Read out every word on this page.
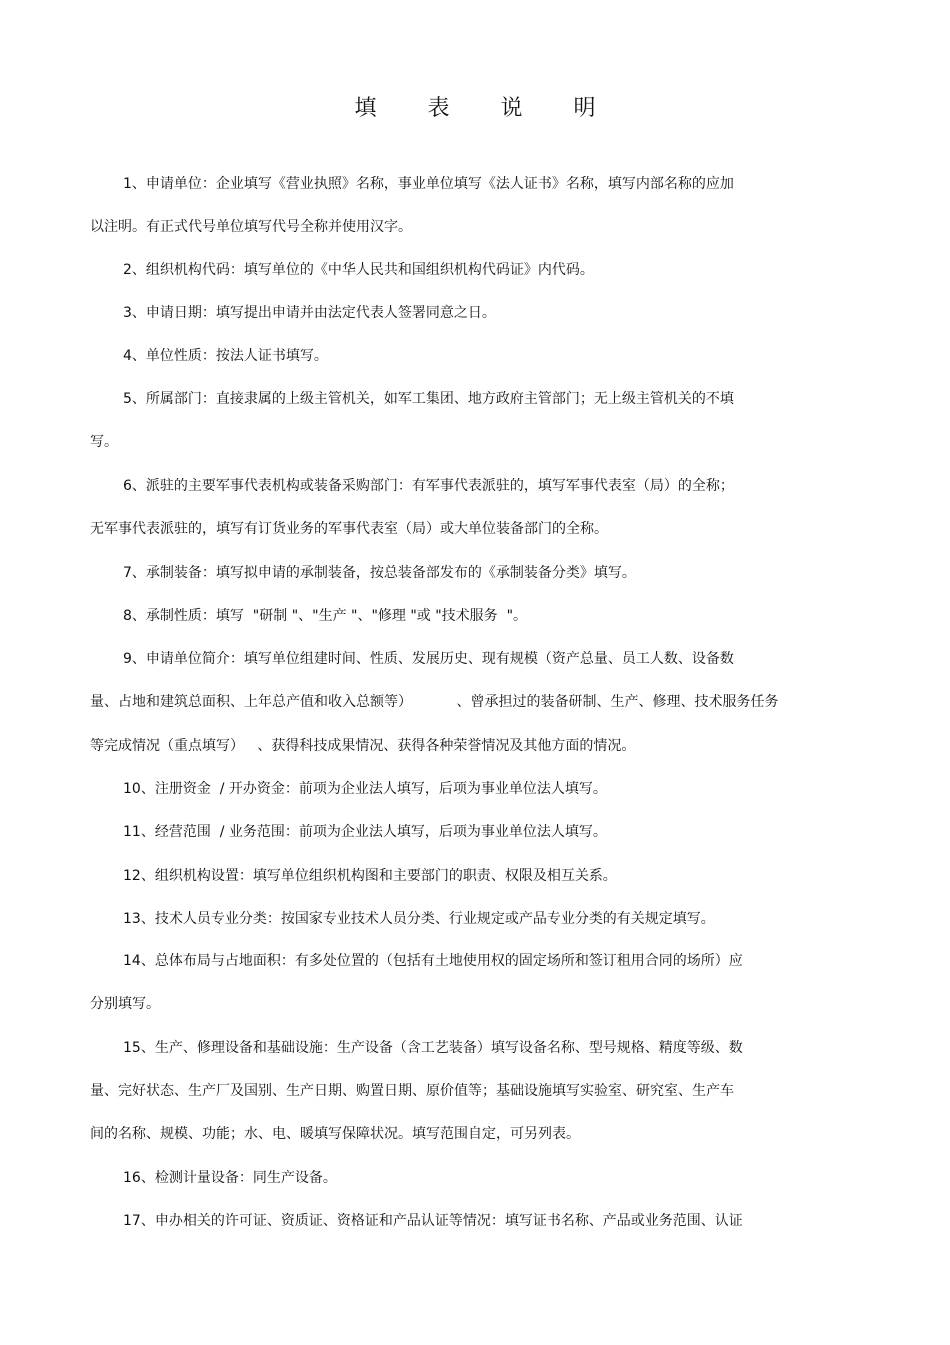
填 表 说 明
1、申请单位：企业填写《营业执照》名称，事业单位填写《法人证书》名称，填写内部名称的应加
以注明。有正式代号单位填写代号全称并使用汉字。
2、组织机构代码：填写单位的《中华人民共和国组织机构代码证》内代码。
3、申请日期：填写提出申请并由法定代表人签署同意之日。
4、单位性质：按法人证书填写。
5、所属部门：直接隶属的上级主管机关，如军工集团、地方政府主管部门；无上级主管机关的不填
写。
6、派驻的主要军事代表机构或装备采购部门：有军事代表派驻的，填写军事代表室（局）的全称；
无军事代表派驻的，填写有订货业务的军事代表室（局）或大单位装备部门的全称。
7、承制装备：填写拟申请的承制装备，按总装备部发布的《承制装备分类》填写。
8、承制性质：填写  "研制 "、"生产 "、"修理 "或 "技术服务  "。
9、申请单位简介：填写单位组建时间、性质、发展历史、现有规模（资产总量、员工人数、设备数
量、占地和建筑总面积、上年总产值和收入总额等）          、曾承担过的装备研制、生产、修理、技术服务任务
等完成情况（重点填写）   、获得科技成果情况、获得各种荣誉情况及其他方面的情况。
10、注册资金  / 开办资金：前项为企业法人填写，后项为事业单位法人填写。
11、经营范围  / 业务范围：前项为企业法人填写，后项为事业单位法人填写。
12、组织机构设置：填写单位组织机构图和主要部门的职责、权限及相互关系。
13、技术人员专业分类：按国家专业技术人员分类、行业规定或产品专业分类的有关规定填写。
14、总体布局与占地面积：有多处位置的（包括有土地使用权的固定场所和签订租用合同的场所）应
分别填写。
15、生产、修理设备和基础设施：生产设备（含工艺装备）填写设备名称、型号规格、精度等级、数
量、完好状态、生产厂及国别、生产日期、购置日期、原价值等；基础设施填写实验室、研究室、生产车
间的名称、规模、功能；水、电、暖填写保障状况。填写范围自定，可另列表。
16、检测计量设备：同生产设备。
17、申办相关的许可证、资质证、资格证和产品认证等情况：填写证书名称、产品或业务范围、认证
